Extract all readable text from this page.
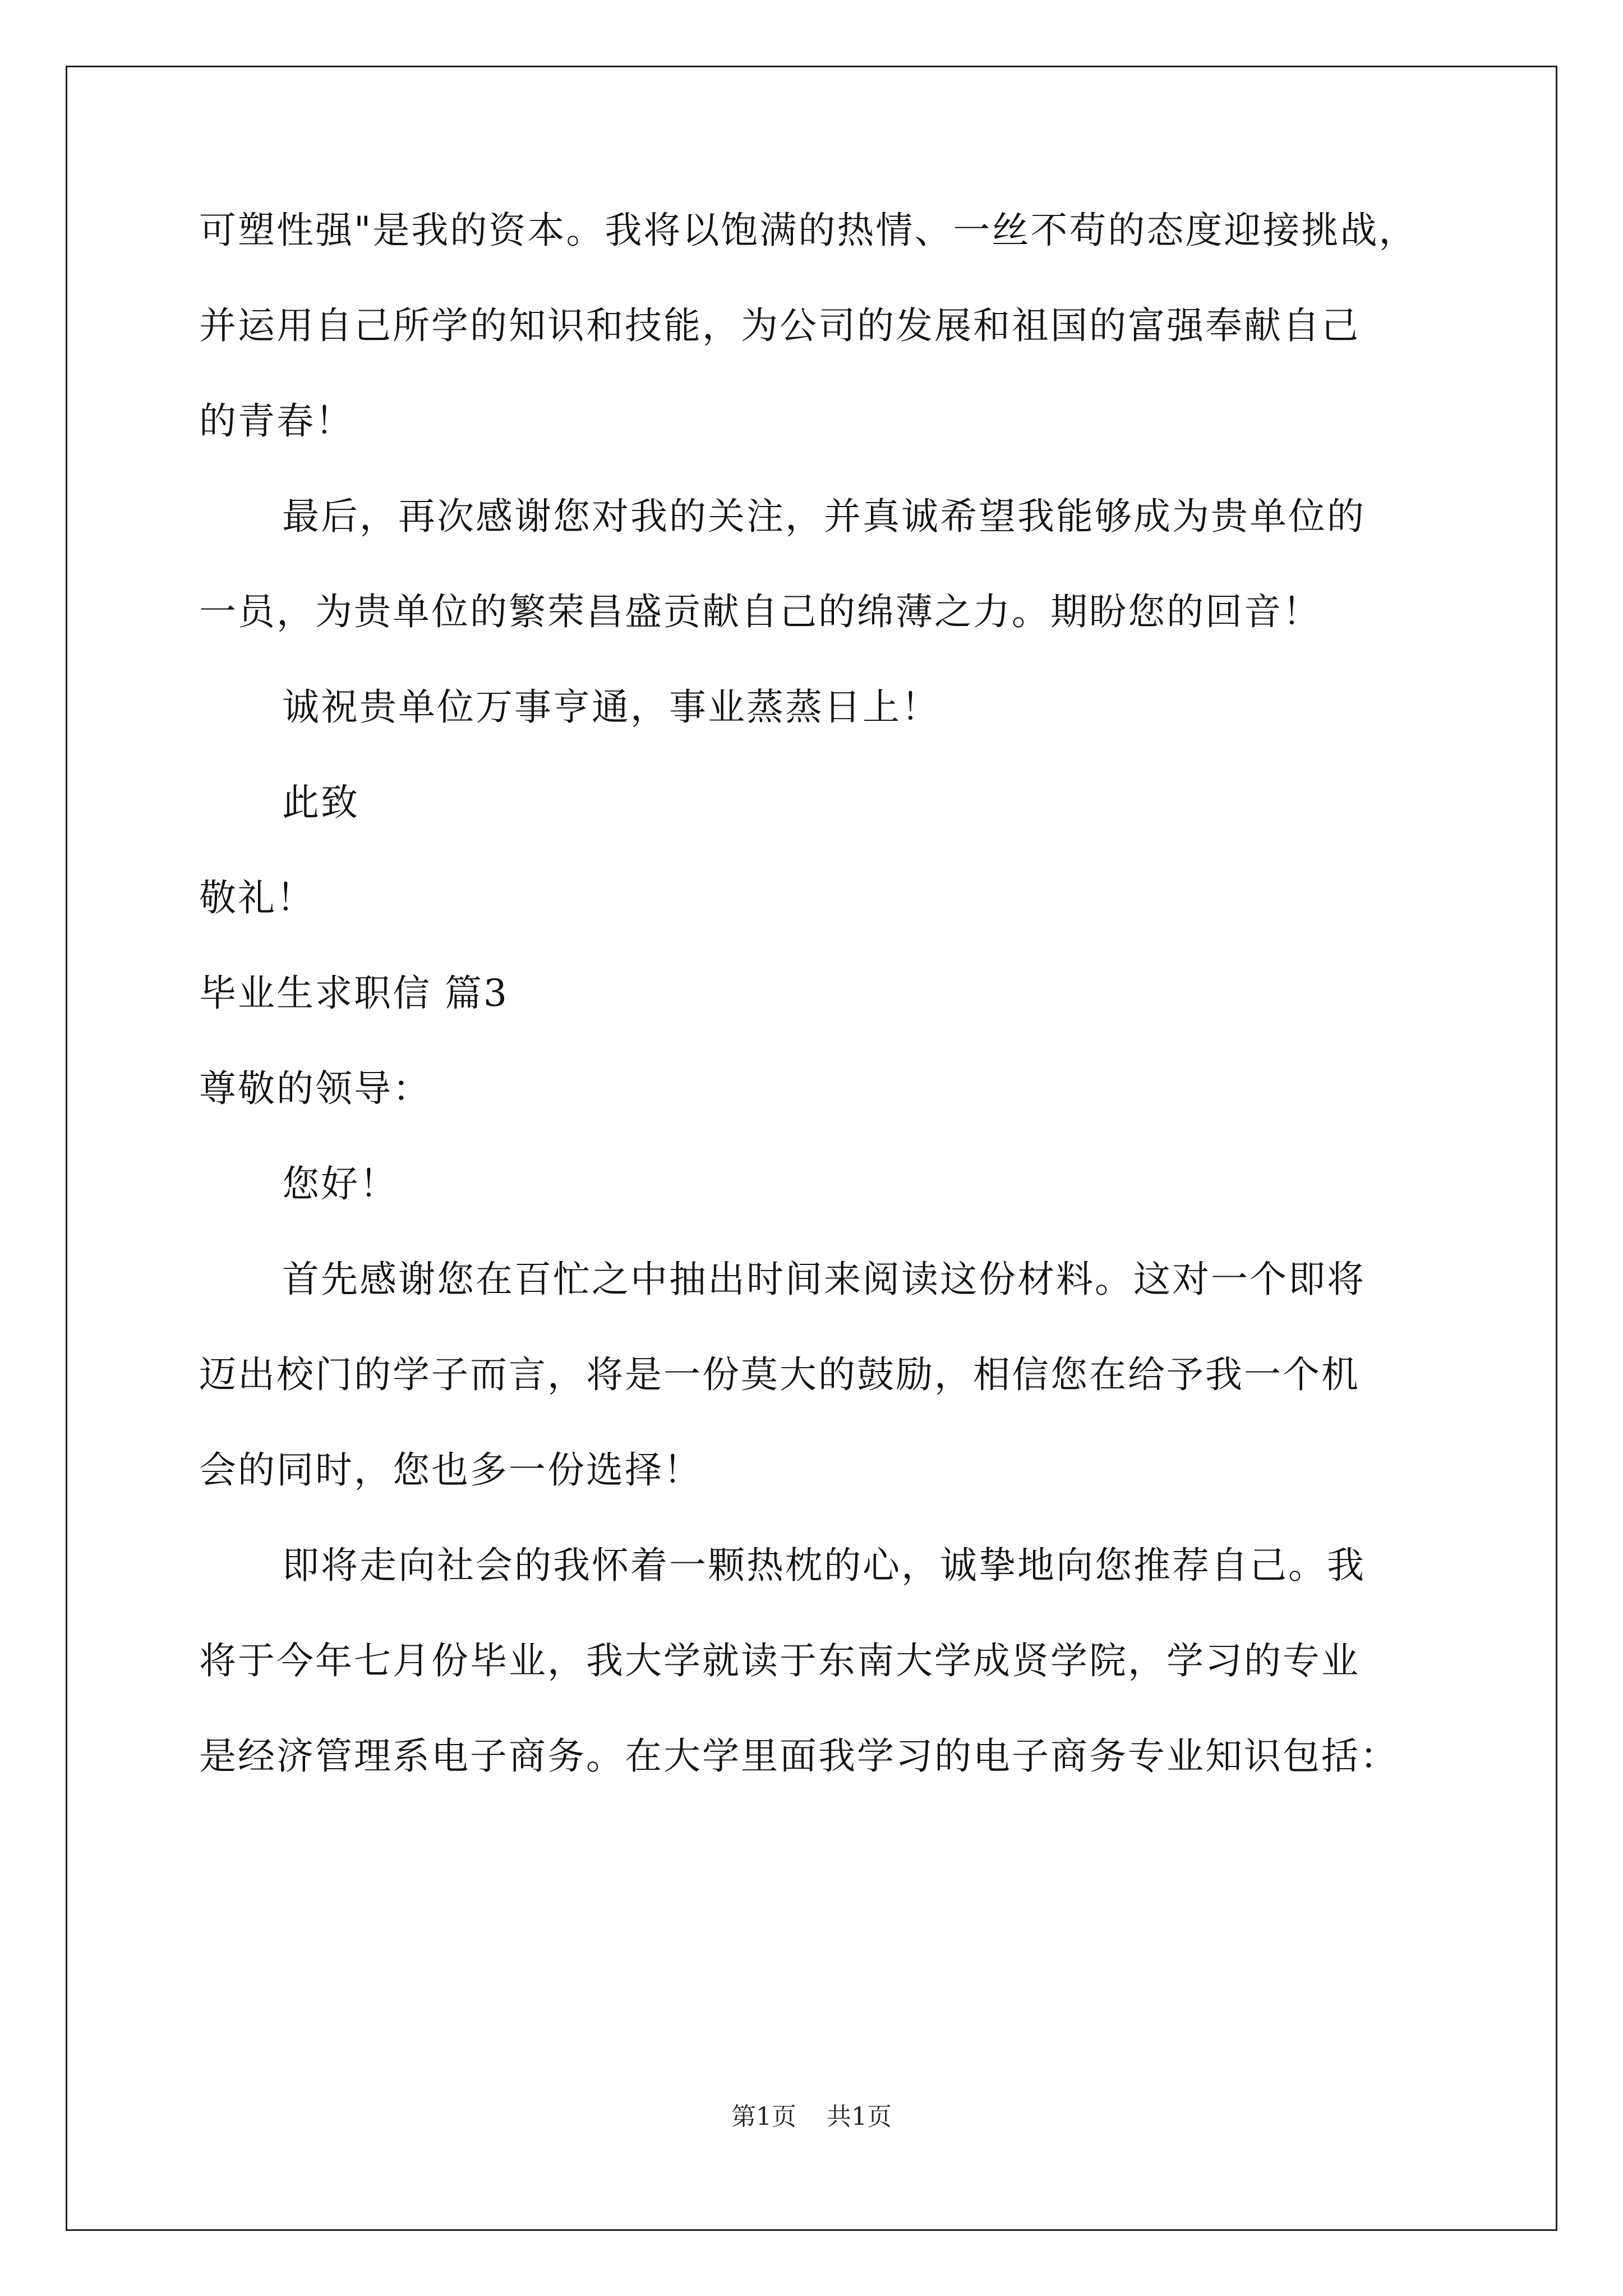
可塑性强"是我的资本。我将以饱满的热情、一丝不苟的态度迎接挑战，
并运用自己所学的知识和技能，为公司的发展和祖国的富强奉献自己
的青春！
最后，再次感谢您对我的关注，并真诚希望我能够成为贵单位的
一员，为贵单位的繁荣昌盛贡献自己的绵薄之力。期盼您的回音！
诚祝贵单位万事亨通，事业蒸蒸日上！
此致
敬礼！
毕业生求职信 篇3
尊敬的领导：
您好！
首先感谢您在百忙之中抽出时间来阅读这份材料。这对一个即将
迈出校门的学子而言，将是一份莫大的鼓励，相信您在给予我一个机
会的同时，您也多一份选择！
即将走向社会的我怀着一颗热枕的心，诚挚地向您推荐自己。我
将于今年七月份毕业，我大学就读于东南大学成贤学院，学习的专业
是经济管理系电子商务。在大学里面我学习的电子商务专业知识包括：
第1页 共1页
